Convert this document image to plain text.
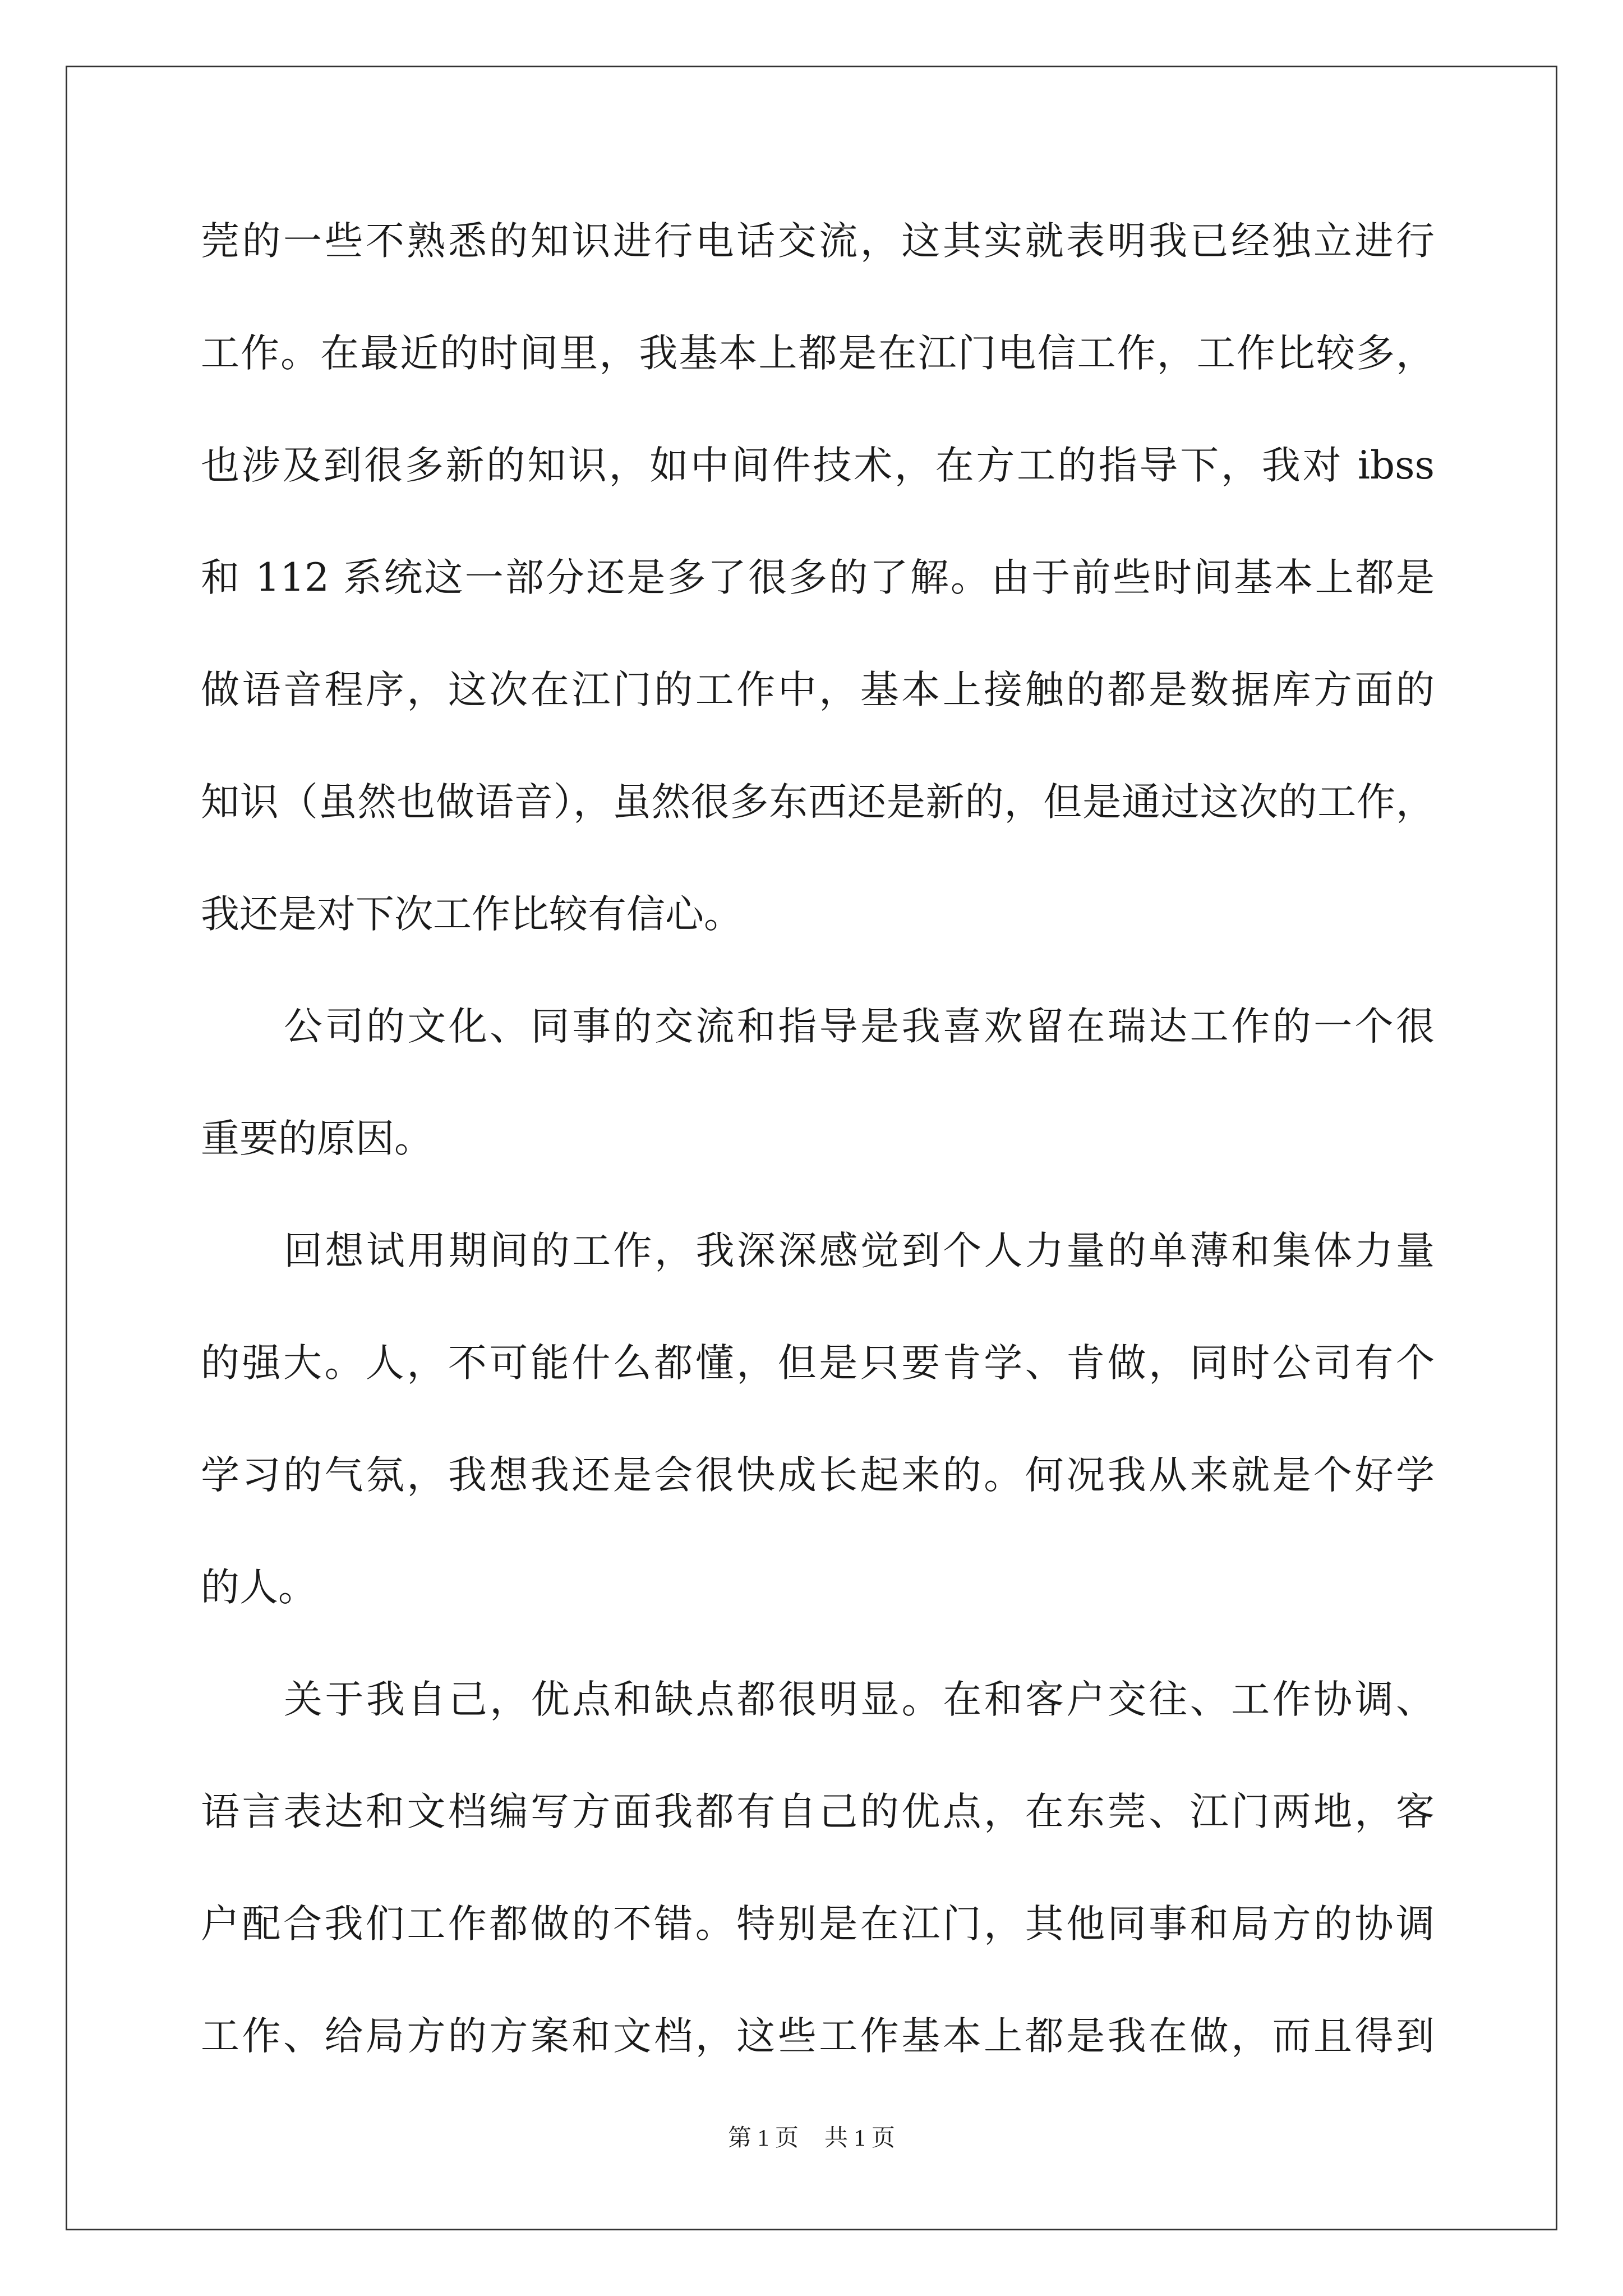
莞的一些不熟悉的知识进行电话交流，这其实就表明我已经独立进行
工作。在最近的时间里，我基本上都是在江门电信工作，工作比较多，
也涉及到很多新的知识，如中间件技术，在方工的指导下，我对 ibss
和 112 系统这一部分还是多了很多的了解。由于前些时间基本上都是
做语音程序，这次在江门的工作中，基本上接触的都是数据库方面的
知识（虽然也做语音），虽然很多东西还是新的，但是通过这次的工作，
我还是对下次工作比较有信心。
公司的文化、同事的交流和指导是我喜欢留在瑞达工作的一个很
重要的原因。
回想试用期间的工作，我深深感觉到个人力量的单薄和集体力量
的强大。人，不可能什么都懂，但是只要肯学、肯做，同时公司有个
学习的气氛，我想我还是会很快成长起来的。何况我从来就是个好学
的人。
关于我自己，优点和缺点都很明显。在和客户交往、工作协调、
语言表达和文档编写方面我都有自己的优点，在东莞、江门两地，客
户配合我们工作都做的不错。特别是在江门，其他同事和局方的协调
工作、给局方的方案和文档，这些工作基本上都是我在做，而且得到
第 1 页 共 1 页
